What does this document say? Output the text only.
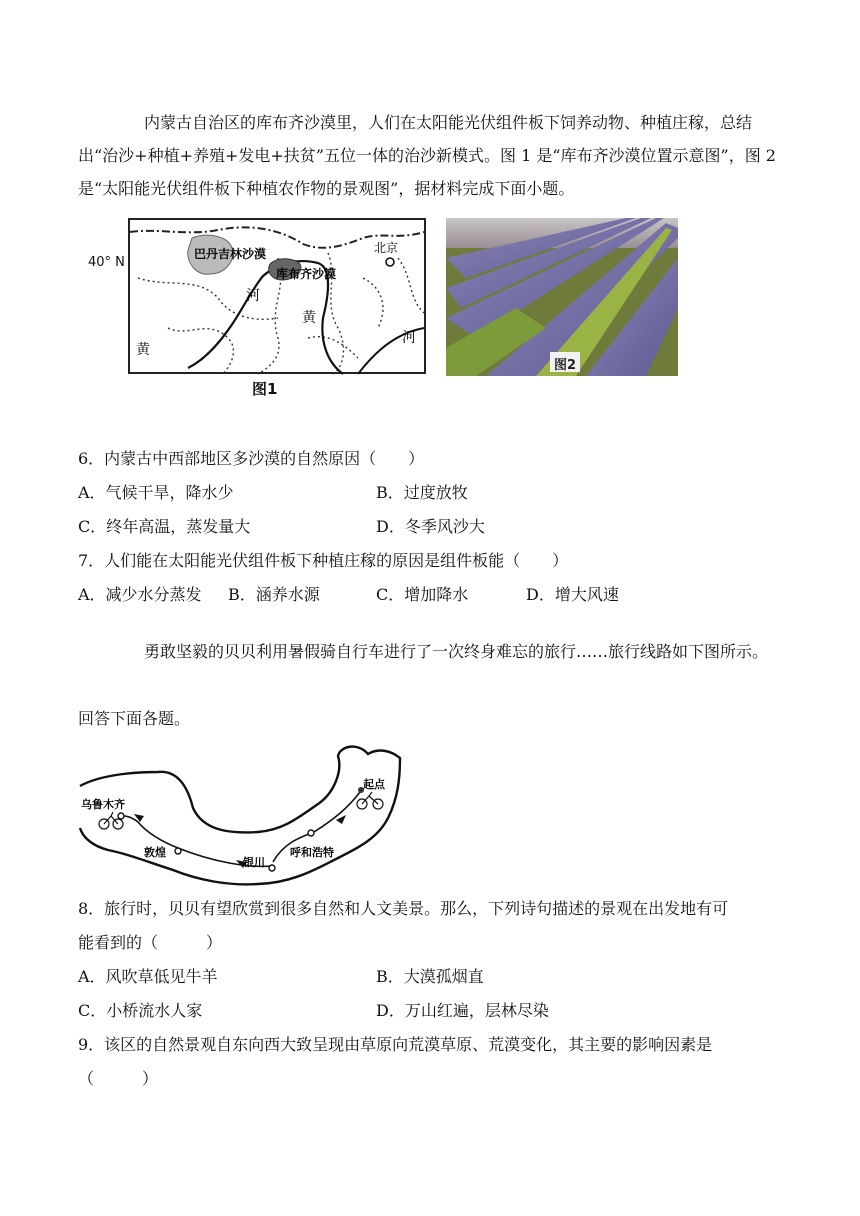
内蒙古自治区的库布齐沙漠里，人们在太阳能光伏组件板下饲养动物、种植庄稼，总结出“治沙+种植+养殖+发电+扶贫”五位一体的治沙新模式。图 1 是“库布齐沙漠位置示意图”，图 2 是“太阳能光伏组件板下种植农作物的景观图”，据材料完成下面小题。
巴丹吉林沙漠
库布齐沙漠
北京
河
黄
黄
河
40° N
图1
图2
6．内蒙古中西部地区多沙漠的自然原因（　　）
A．气候干旱，降水少	B．过度放牧
C．终年高温，蒸发量大	D．冬季风沙大
7．人们能在太阳能光伏组件板下种植庄稼的原因是组件板能（　　）
A．减少水分蒸发 B．涵养水源	C．增加降水	D．增大风速
勇敢坚毅的贝贝利用暑假骑自行车进行了一次终身难忘的旅行……旅行线路如下图所示。
回答下面各题。
起点
乌鲁木齐
敦煌
银川
呼和浩特
8．旅行时，贝贝有望欣赏到很多自然和人文美景。那么，下列诗句描述的景观在出发地有可
能看到的（　　　）
A．风吹草低见牛羊	B．大漠孤烟直
C．小桥流水人家	D．万山红遍，层林尽染
9．该区的自然景观自东向西大致呈现由草原向荒漠草原、荒漠变化，其主要的影响因素是
（　　　）
